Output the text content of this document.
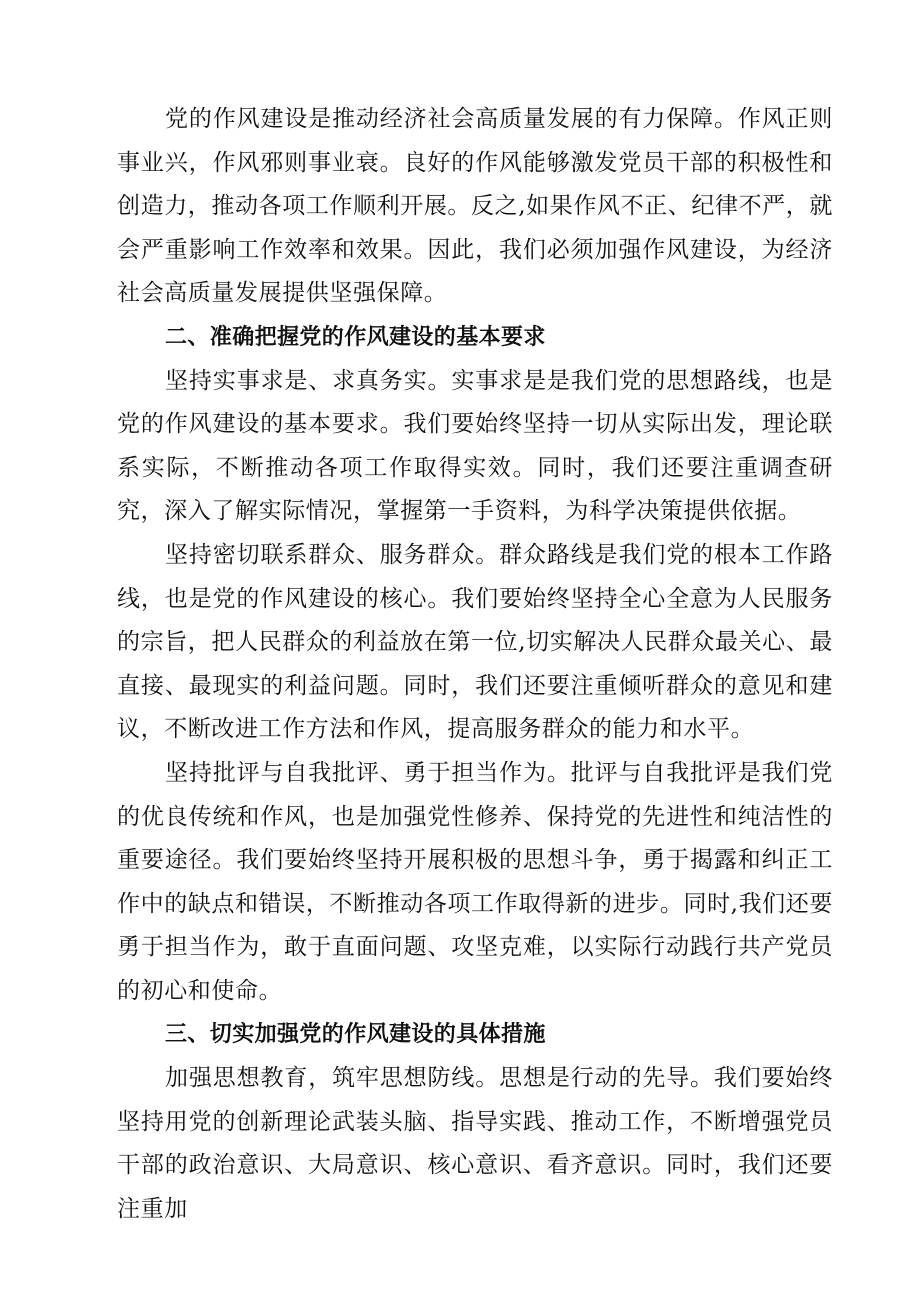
党的作风建设是推动经济社会高质量发展的有力保障。作风正则事业兴，作风邪则事业衰。良好的作风能够激发党员干部的积极性和创造力，推动各项工作顺利开展。反之,如果作风不正、纪律不严，就会严重影响工作效率和效果。因此，我们必须加强作风建设，为经济社会高质量发展提供坚强保障。

二、准确把握党的作风建设的基本要求

坚持实事求是、求真务实。实事求是是我们党的思想路线，也是党的作风建设的基本要求。我们要始终坚持一切从实际出发，理论联系实际，不断推动各项工作取得实效。同时，我们还要注重调查研究，深入了解实际情况，掌握第一手资料，为科学决策提供依据。

坚持密切联系群众、服务群众。群众路线是我们党的根本工作路线，也是党的作风建设的核心。我们要始终坚持全心全意为人民服务的宗旨，把人民群众的利益放在第一位,切实解决人民群众最关心、最直接、最现实的利益问题。同时，我们还要注重倾听群众的意见和建议，不断改进工作方法和作风，提高服务群众的能力和水平。

坚持批评与自我批评、勇于担当作为。批评与自我批评是我们党的优良传统和作风，也是加强党性修养、保持党的先进性和纯洁性的重要途径。我们要始终坚持开展积极的思想斗争，勇于揭露和纠正工作中的缺点和错误，不断推动各项工作取得新的进步。同时,我们还要勇于担当作为，敢于直面问题、攻坚克难，以实际行动践行共产党员的初心和使命。

三、切实加强党的作风建设的具体措施

加强思想教育，筑牢思想防线。思想是行动的先导。我们要始终坚持用党的创新理论武装头脑、指导实践、推动工作，不断增强党员干部的政治意识、大局意识、核心意识、看齐意识。同时，我们还要注重加
